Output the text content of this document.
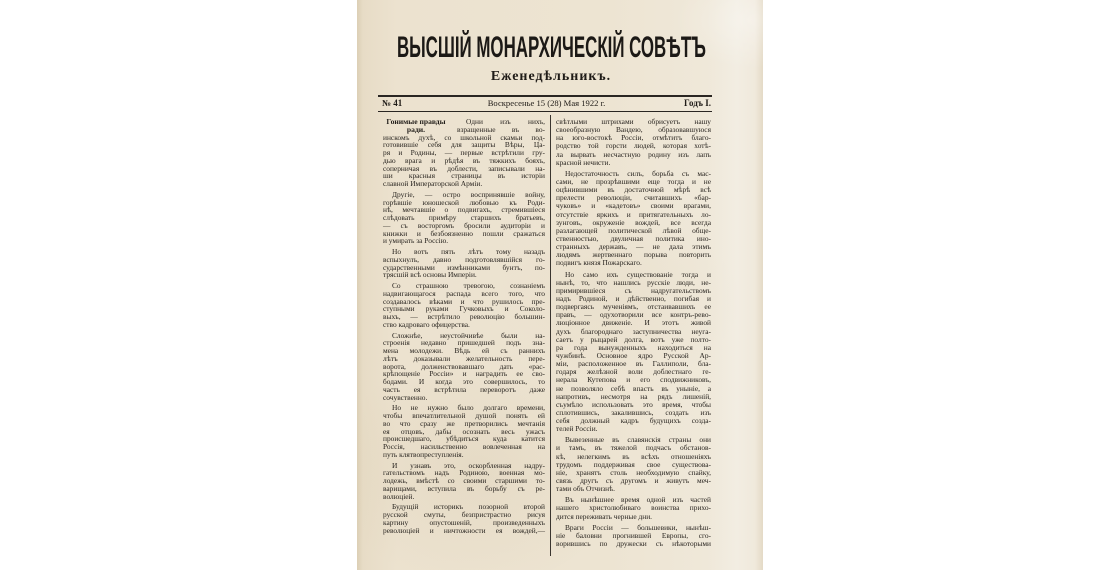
ВЫСШІЙ МОНАРХИЧЕСКІЙ СОВѢТЪ
Еженедѣльникъ.
№ 41	Воскресенье 15 (28) Мая 1922 г.	Годъ I.
Гонимые правды
ради.
Одни изъ нихъ,
взращенные въ во-
инскомъ духѣ, со школьной скамьи под-
готовившіе себя для защиты Вѣры, Ца-
ря и Родины, — первые встрѣтили гру-
дью врага и рѣдѣя въ тяжкихъ бояхъ,
соперничая въ доблести, записывали на-
ши красныя страницы въ исторіи
славной Императорской Арміи.
Другіе, — остро воспринявшіе войну,
горѣвшіе юношеской любовью къ Роди-
нѣ, мечтавшіе о подвигахъ, стремившіеся
слѣдовать примѣру старшихъ братьевъ,
— съ восторгомъ бросили аудиторіи и
книжки и безбоязненно пошли сражаться
и умирать за Россію.
Но вотъ пять лѣтъ тому назадъ
вспыхнулъ, давно подготовлявшійся го-
сударственными измѣнниками бунтъ, по-
трясшій всѣ основы Имперіи.
Со страшною тревогою, сознаніемъ
надвигающагося распада всего того, что
создавалось вѣками и что рушилось пре-
ступными руками Гучковыхъ и Соколо-
выхъ, — встрѣтило революцію большин-
ство кадроваго офицерства.
Сложнѣе, неустойчивѣе были на-
строенія недавно пришедшей подъ зна-
мена молодежи. Вѣдь ей съ раннихъ
лѣтъ доказывали желательность пере-
ворота, долженствовавшаго дать «рас-
крѣпощеніе Россіи» и наградить ее сво-
бодами. И когда это совершилось, то
часть ея встрѣтила переворотъ даже
сочувственно.
Но не нужно было долгаго времени,
чтобы впечатлительной душой понять ей
во что сразу же претворились мечтанія
ея отцовъ, дабы осознать весь ужасъ
происшедшаго, убѣдиться куда катится
Россія, насильственно вовлеченная на
путь клятвопреступленія.
И узнавъ это, оскорбленная надру-
гательствомъ надъ Родиною, военная мо-
лодежь, вмѣстѣ со своими старшими то-
варищами, вступила въ борьбу съ ре-
волюціей.
Будущій историкъ позорной второй
русской смуты, безпристрастно рисуя
картину опустошеній, произведенныхъ
революціей и ничтожности ея вождей,—
свѣтлыми штрихами обрисуетъ нашу
своеобразную Вандею, образовавшуюся
на юго-востокѣ Россіи, отмѣтитъ благо-
родство той горсти людей, которая хотѣ-
ла вырвать несчастную родину изъ лапъ
красной нечисти.
Недостаточность силъ, борьба съ мас-
сами, не прозрѣвшими еще тогда и не
оцѣнившими въ достаточной мѣрѣ всѣ
прелести революціи, считавшихъ «бар-
чуковъ» и «кадетовъ» своими врагами,
отсутствіе яркихъ и притягательныхъ ло-
зунговъ, окруженіе вождей, все всегда
разлагающей политической лѣвой обще-
ственностью, двуличная политика ино-
странныхъ державъ, — не дала этимъ
людямъ жертвеннаго порыва повторить
подвигъ князя Пожарскаго.
Но само ихъ существованіе тогда и
нынѣ, то, что нашлись русскіе люди, не-
примирившіеся съ надругательствомъ
надъ Родиной, и дѣйственно, погибая и
подвергаясь мученіямъ, отстаивавшихъ ее
правъ, — одухотворили все контръ-рево-
люціонное движеніе. И этотъ живой
духъ благороднаго заступничества неуга-
саетъ у рыцарей долга, вотъ уже полто-
ра года вынужденныхъ находиться на
чужбинѣ. Основное ядро Русской Ар-
міи, расположенное въ Галлиполи, бла-
годаря желѣзной воли доблестнаго ге-
нерала Кутепова и его сподвижниковъ,
не позволяло себѣ впасть въ уныніе, а
напротивъ, несмотря на рядъ лишеній,
съумѣло использовать это время, чтобы
сплотившись, закалившись, создать изъ
себя должный кадръ будущихъ созда-
телей Россіи.
Вывезенные въ славянскія страны они
и тамъ, въ тяжелой подчасъ обстанов-
кѣ, нелегкимъ въ всѣхъ отношеніяхъ
трудомъ поддерживая свое существова-
ніе, хранятъ столь необходимую спайку,
связь другъ съ другомъ и живутъ меч-
тами объ Отчизнѣ.
Въ нынѣшнее время одной изъ частей
нашего христолюбиваго воинства прихо-
дится переживать черные дни.
Враги Россіи — большевики, нынѣш-
ніе баловни прогнившей Европы, сго-
ворившись по дружески съ нѣкоторыми
